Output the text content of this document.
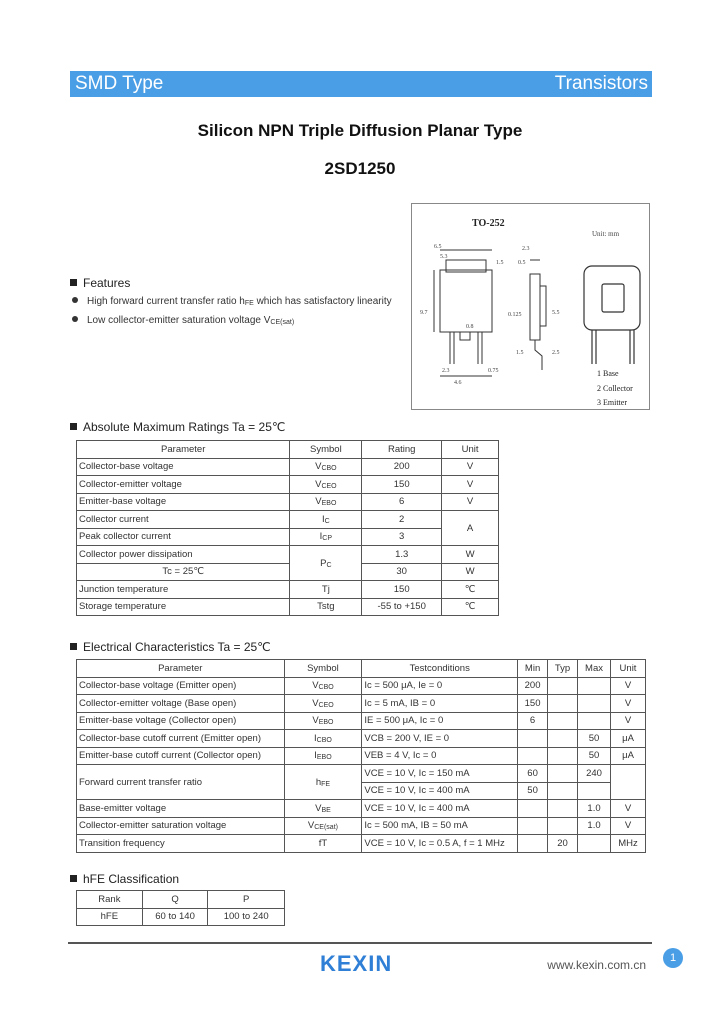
SMD Type	Transistors
Silicon NPN Triple Diffusion Planar Type
2SD1250
TO-252
Unit: mm
6.5
5.3
2.3
1.5 0.5
9.7
0.8
2.3
4.6
0.75
0.125
1.5	2.5
5.5
1 Base
2 Collector
3 Emitter
Features
High forward current transfer ratio $h_{FE}$ which has satisfactory linearity
Low collector-emitter saturation voltage $V_{CE(sat)}$
Absolute Maximum Ratings Ta = 25℃
Parameter	Symbol	Rating	Unit
Collector-base voltage	$V_{CBO}$	200	V
Collector-emitter voltage	$V_{CEO}$	150	V
Emitter-base voltage	$V_{EBO}$	6	V
Collector current	$I_C$	2	A
Peak collector current	$I_{CP}$	3	
Collector power dissipation	$P_C$	1.3	W
Tc = 25℃		30	W
Junction temperature	Tj	150	℃
Storage temperature	Tstg	-55 to +150	℃
Electrical Characteristics Ta = 25℃
Parameter	Symbol	Testconditions	Min	Typ	Max	Unit
Collector-base voltage (Emitter open)	$V_{CBO}$	Ic = 500 μA, Ie = 0	200			V
Collector-emitter voltage (Base open)	$V_{CEO}$	Ic = 5 mA, IB = 0	150			V
Emitter-base voltage (Collector open)	$V_{EBO}$	IE = 500 μA, Ic = 0	6			V
Collector-base cutoff current (Emitter open)	$I_{CBO}$	VCB = 200 V, IE = 0			50	μA
Emitter-base cutoff current (Collector open)	$I_{EBO}$	VEB = 4 V, Ic = 0			50	μA
Forward current transfer ratio	$h_{FE}$	VCE = 10 V, Ic = 150 mA	60		240	
		VCE = 10 V, Ic = 400 mA	50			
Base-emitter voltage	$V_{BE}$	VCE = 10 V, Ic = 400 mA			1.0	V
Collector-emitter saturation voltage	$V_{CE(sat)}$	Ic = 500 mA, IB = 50 mA			1.0	V
Transition frequency	fT	VCE = 10 V, Ic = 0.5 A, f = 1 MHz		20		MHz
hFE Classification
Rank	Q	P
hFE	60 to 140	100 to 240
KEXIN	www.kexin.com.cn	1
